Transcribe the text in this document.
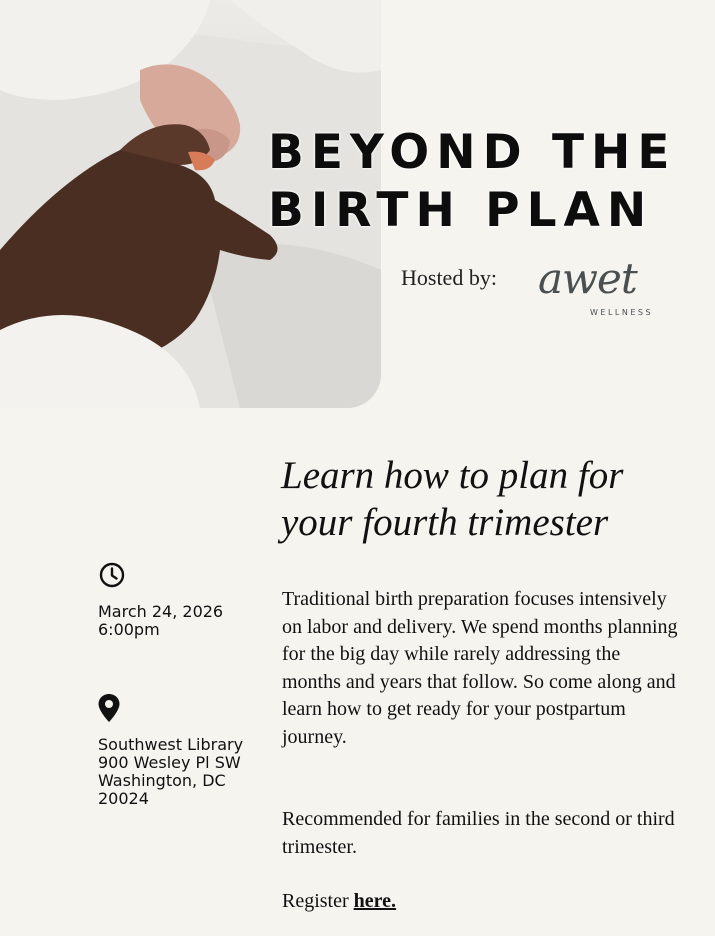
BEYOND THE
BIRTH PLAN
Hosted by: awet
WELLNESS
Learn how to plan for
your fourth trimester
March 24, 2026
6:00pm
Southwest Library
900 Wesley Pl SW
Washington, DC
20024

Traditional birth preparation focuses intensively on labor and delivery. We spend months planning for the big day while rarely addressing the months and years that follow. So come along and learn how to get ready for your postpartum journey.

Recommended for families in the second or third trimester.

Register here.
